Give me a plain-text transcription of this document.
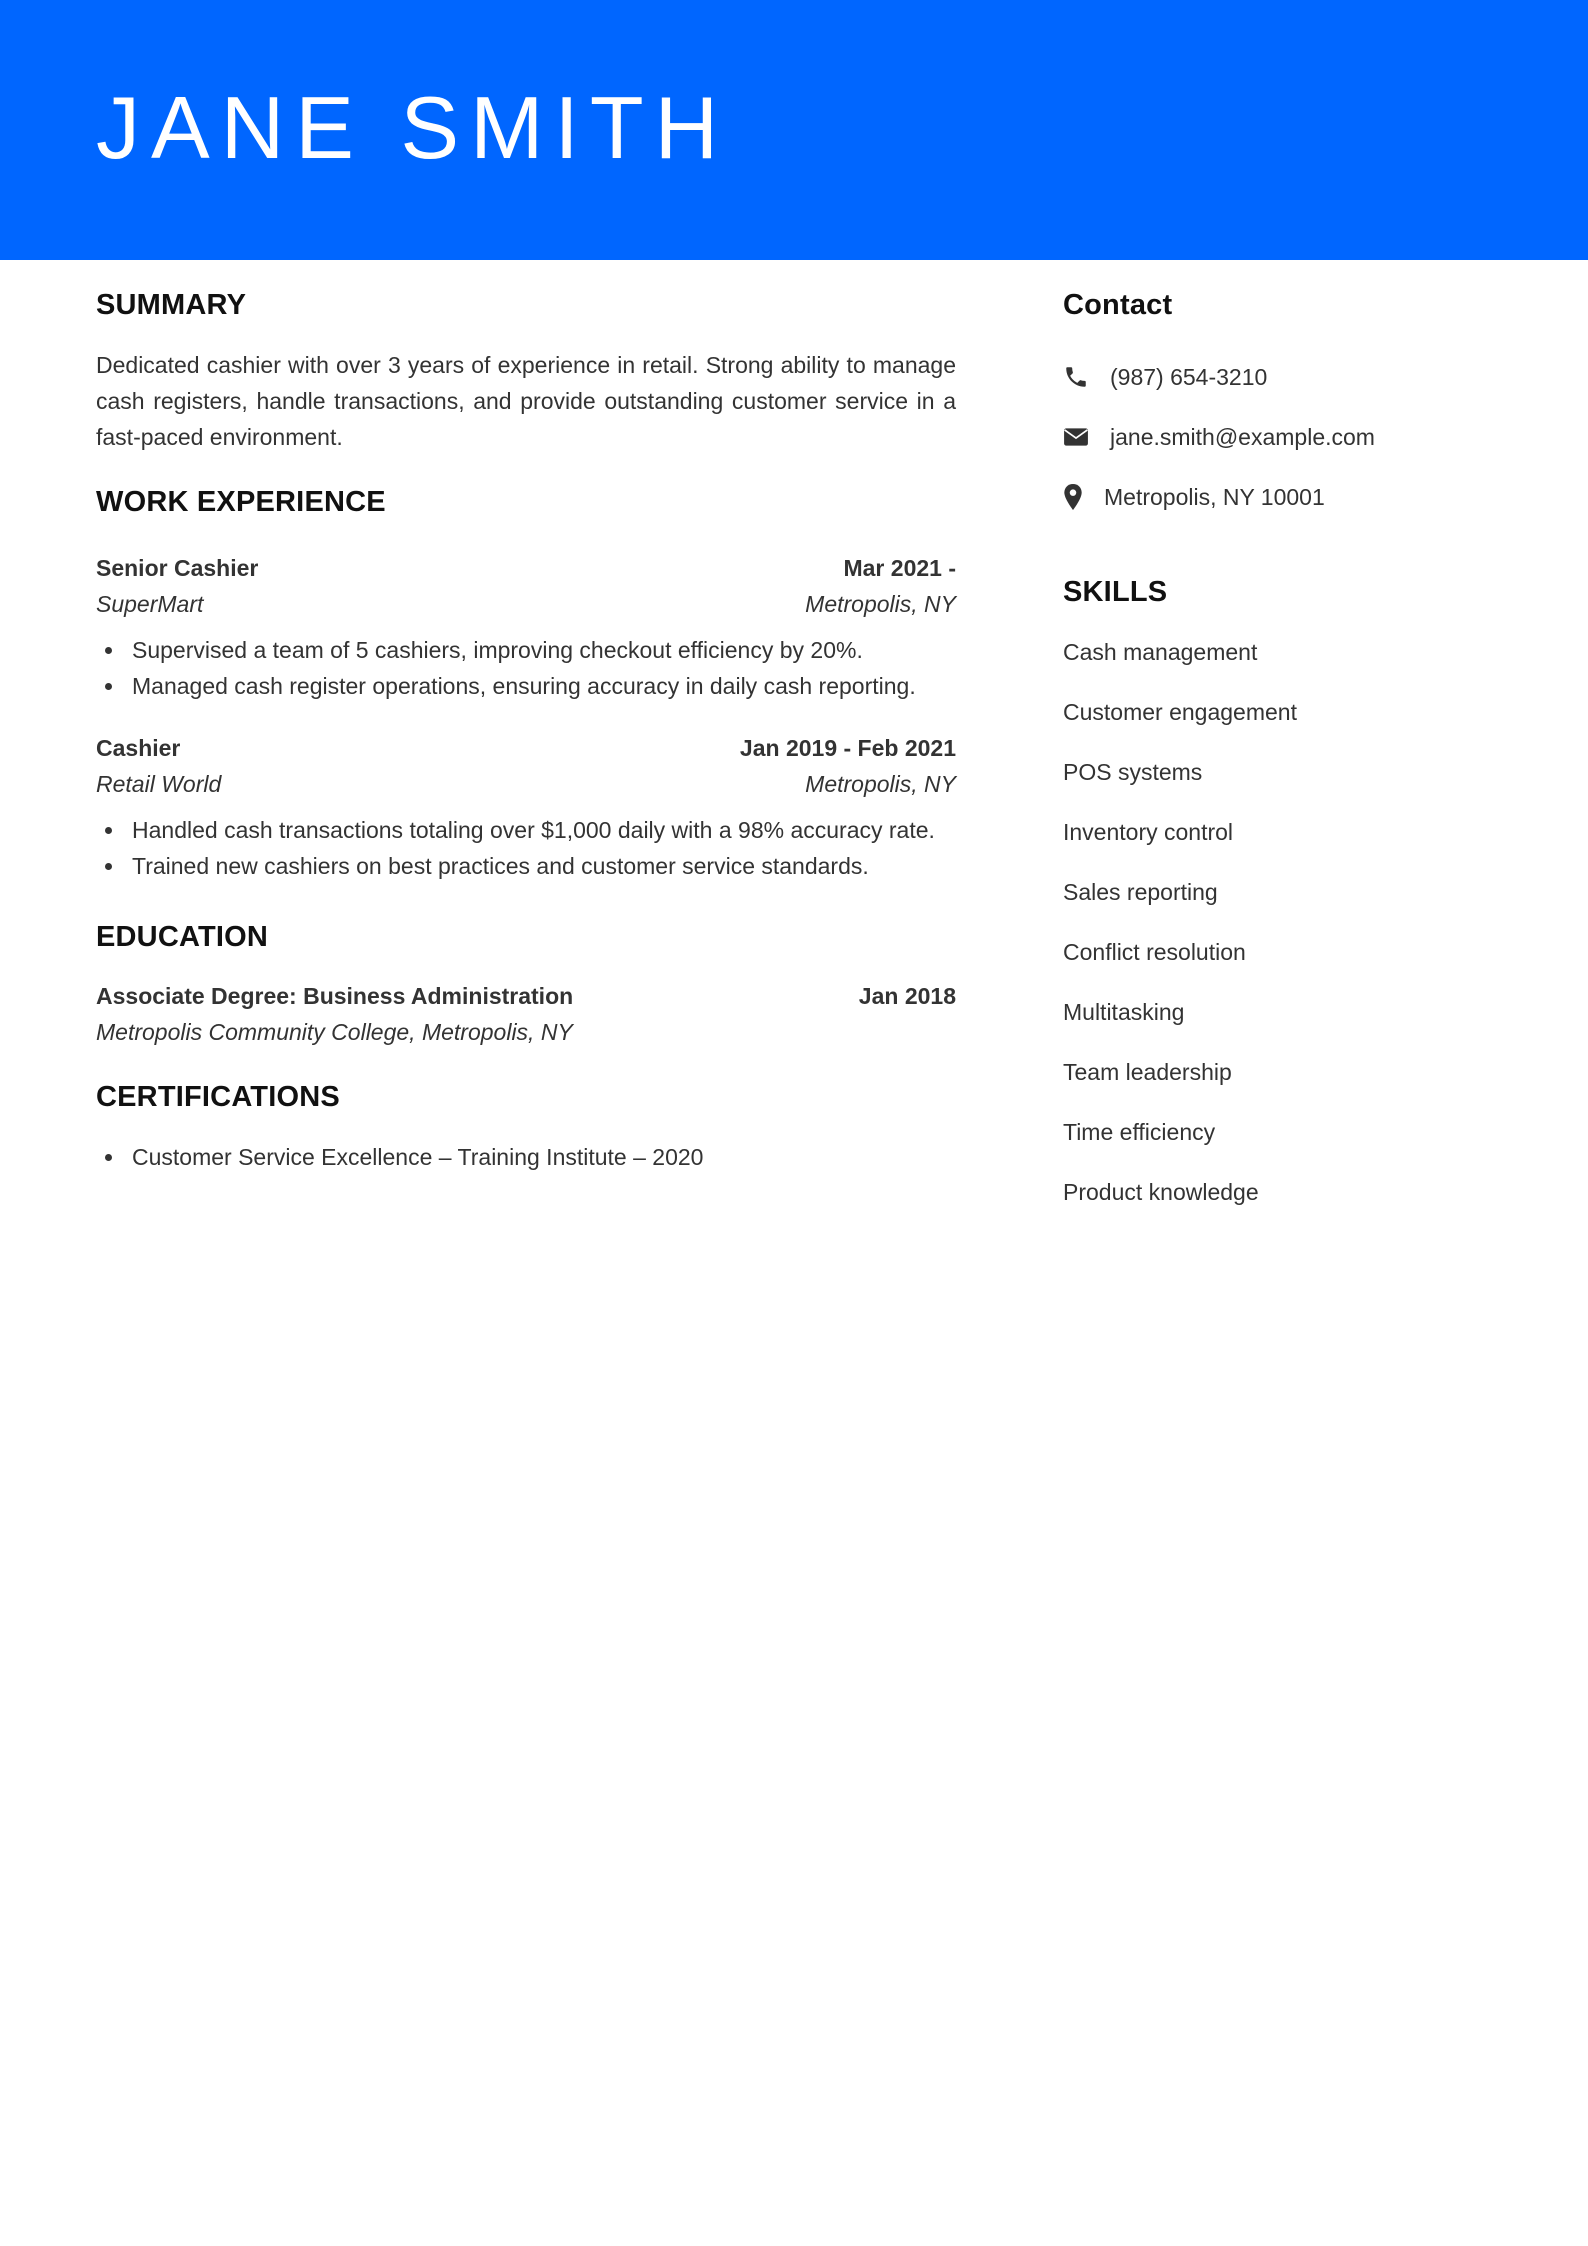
JANE SMITH
SUMMARY

Dedicated cashier with over 3 years of experience in retail. Strong ability to manage cash registers, handle transactions, and provide outstanding customer service in a fast-paced environment.

WORK EXPERIENCE
Senior Cashier	Mar 2021 -
SuperMart	Metropolis, NY
Supervised a team of 5 cashiers, improving checkout efficiency by 20%.
Managed cash register operations, ensuring accuracy in daily cash reporting.
Cashier	Jan 2019 - Feb 2021
Retail World	Metropolis, NY
Handled cash transactions totaling over $1,000 daily with a 98% accuracy rate.
Trained new cashiers on best practices and customer service standards.
EDUCATION
Associate Degree: Business Administration	Jan 2018
Metropolis Community College, Metropolis, NY
CERTIFICATIONS
Customer Service Excellence – Training Institute – 2020
Contact
(987) 654-3210
jane.smith@example.com
Metropolis, NY 10001
SKILLS
Cash management
Customer engagement
POS systems
Inventory control
Sales reporting
Conflict resolution
Multitasking
Team leadership
Time efficiency
Product knowledge
